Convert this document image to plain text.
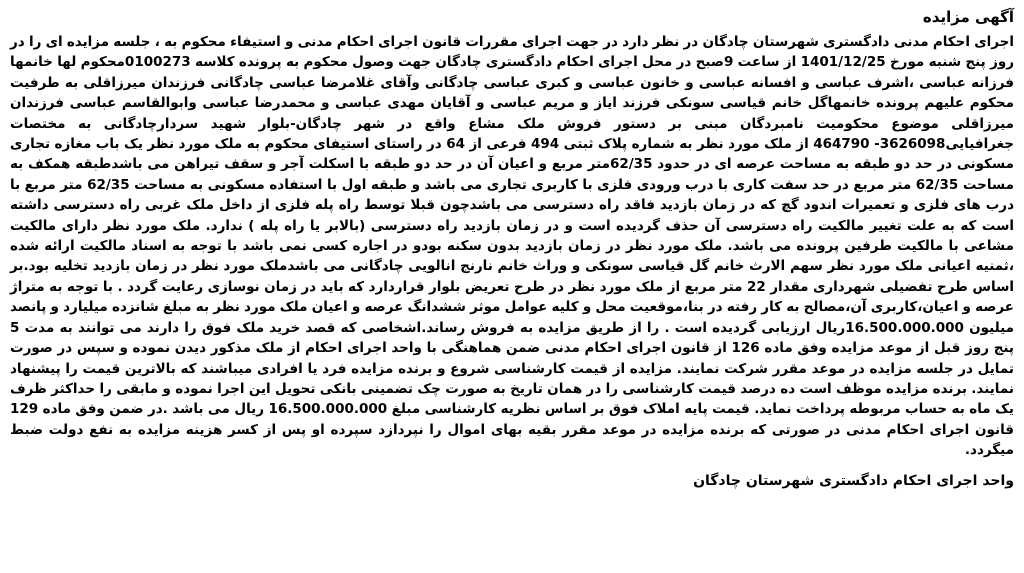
آگهی مزایده

اجرای احکام مدنی دادگستری شهرستان چادگان در نظر دارد در جهت اجرای مقررات قانون اجرای احکام مدنی و استیفاء محکوم به ، جلسه مزایده ای را در روز پنج شنبه مورخ 1401/12/25 از ساعت 9صبح در محل اجرای احکام دادگستری چادگان جهت وصول محکوم به پرونده کلاسه 0100273محکوم لها خانمها فرزانه عباسی ،اشرف عباسی و افسانه عباسی و خانون عباسی و کبری عباسی چادگانی وآقای غلامرضا عباسی چادگانی فرزندان میرزاقلی به طرفیت محکوم علیهم پرونده خانمهاگل خانم قیاسی سونکی فرزند ایاز و مریم عباسی و آقایان مهدی عباسی و محمدرضا عباسی وابوالقاسم عباسی فرزندان میرزاقلی موضوع محکومیت نامبردگان مبنی بر دستور فروش ملک مشاع واقع در شهر چادگان-بلوار شهید سردارچادگانی به مختصات جغرافیایی3626098- 464790 از ملک مورد نظر به شماره پلاک ثبتی 494 فرعی از 64 در راستای استیفای محکوم به ملک مورد نظر یک باب مغازه تجاری مسکونی در حد دو طبقه به مساحت عرصه ای در حدود 62/35متر مربع و اعیان آن در حد دو طبقه با اسکلت آجر و سقف تیراهن می باشدطبقه همکف به مساحت 62/35 متر مربع در حد سفت کاری با درب ورودی فلزی با کاربری تجاری می باشد و طبقه اول با استفاده مسکونی به مساحت 62/35 متر مربع با درب های فلزی و تعمیرات اندود گچ که در زمان بازدید فاقد راه دسترسی می باشدچون قبلا توسط راه پله فلزی از داخل ملک غربی راه دسترسی داشته است که به علت تغییر مالکیت راه دسترسی آن حذف گردیده است و در زمان بازدید راه دسترسی (بالابر یا راه پله ) ندارد. ملک مورد نظر دارای مالکیت مشاعی با مالکیت طرفین پرونده می باشد. ملک مورد نظر در زمان بازدید بدون سکنه بودو در اجاره کسی نمی باشد با توجه به اسناد مالکیت ارائه شده ،ثمنیه اعیانی ملک مورد نظر سهم الارث خانم گل قیاسی سونکی و وراث خانم نارنج انالویی چادگانی می باشدملک مورد نظر در زمان بازدید تخلیه بود.بر اساس طرح تفضیلی شهرداری مقدار 22 متر مربع از ملک مورد نظر در طرح تعریض بلوار قراردارد که باید در زمان نوسازی رعایت گردد . با توجه به متراژ عرصه و اعیان،کاربری آن،مصالح به کار رفته در بنا،موقعیت محل و کلیه عوامل موثر ششدانگ عرصه و اعیان ملک مورد نظر به مبلغ شانزده میلیارد و پانصد میلیون 16.500.000.000ریال ارزیابی گردیده است . را از طریق مزایده به فروش رساند.اشخاصی که قصد خرید ملک فوق را دارند می توانند به مدت 5 پنج روز قبل از موعد مزایده وفق ماده 126 از قانون اجرای احکام مدنی ضمن هماهنگی با واحد اجرای احکام از ملک مذکور دیدن نموده و سپس در صورت تمایل در جلسه مزایده در موعد مقرر شرکت نمایند. مزایده از قیمت کارشناسی شروع و برنده مزایده فرد یا افرادی میباشند که بالاترین قیمت را پیشنهاد نمایند. برنده مزایده موظف است ده درصد قیمت کارشناسی را در همان تاریخ به صورت چک تضمینی بانکی تحویل این اجرا نموده و مابقی را حداکثر ظرف یک ماه به حساب مربوطه پرداخت نماید. قیمت پایه املاک فوق بر اساس نظریه کارشناسی مبلغ 16.500.000.000 ریال می باشد .در ضمن وفق ماده 129 قانون اجرای احکام مدنی در صورتی که برنده مزایده در موعد مقرر بقیه بهای اموال را نپردازد سپرده او پس از کسر هزینه مزایده به نفع دولت ضبط میگردد.

واحد اجرای احکام دادگستری شهرستان چادگان
